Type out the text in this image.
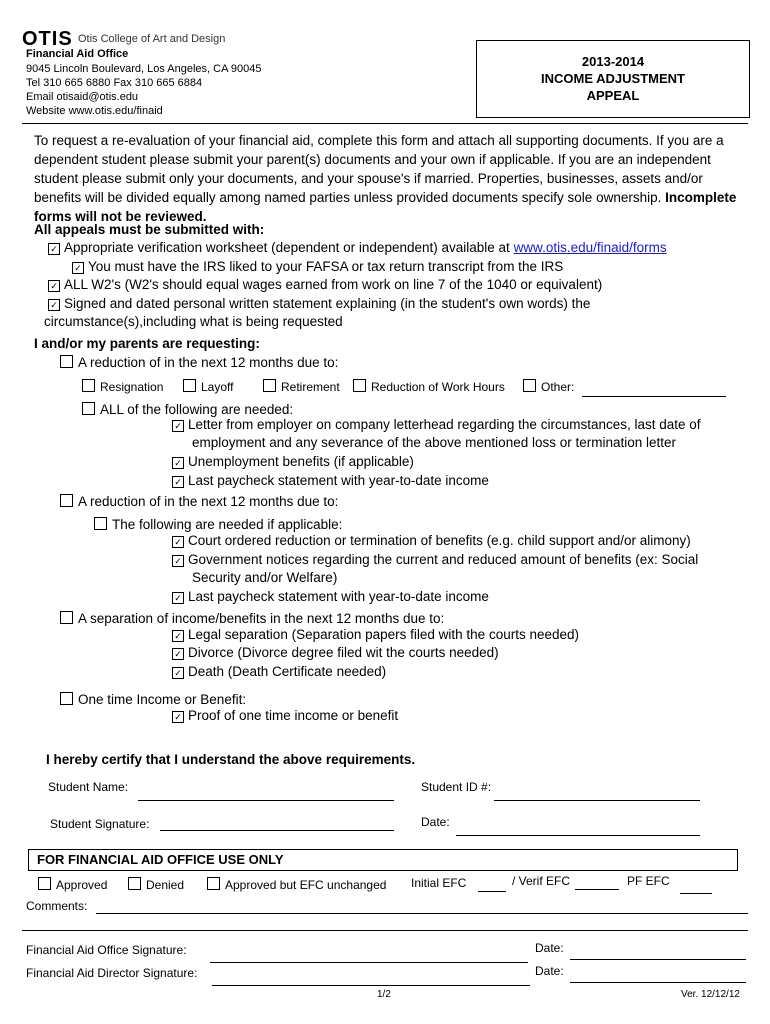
OTIS Otis College of Art and Design
Financial Aid Office
9045 Lincoln Boulevard, Los Angeles, CA 90045
Tel 310 665 6880 Fax 310 665 6884
Email otisaid@otis.edu
Website www.otis.edu/finaid
2013-2014
INCOME ADJUSTMENT
APPEAL
To request a re-evaluation of your financial aid, complete this form and attach all supporting documents. If you are a dependent student please submit your parent(s) documents and your own if applicable. If you are an independent student please submit only your documents, and your spouse's if married. Properties, businesses, assets and/or benefits will be divided equally among named parties unless provided documents specify sole ownership. Incomplete forms will not be reviewed.
All appeals must be submitted with:
✓ Appropriate verification worksheet (dependent or independent) available at www.otis.edu/finaid/forms
✓ You must have the IRS liked to your FAFSA or tax return transcript from the IRS
✓ ALL W2's (W2's should equal wages earned from work on line 7 of the 1040 or equivalent)
✓ Signed and dated personal written statement explaining (in the student's own words) the
circumstance(s),including what is being requested
I and/or my parents are requesting:
A reduction of in the next 12 months due to:
Resignation	Layoff	Retirement	Reduction of Work Hours	Other:
ALL of the following are needed:
✓ Letter from employer on company letterhead regarding the circumstances, last date of
employment and any severance of the above mentioned loss or termination letter
✓ Unemployment benefits (if applicable)
✓ Last paycheck statement with year-to-date income
A reduction of in the next 12 months due to:
The following are needed if applicable:
✓ Court ordered reduction or termination of benefits (e.g. child support and/or alimony)
✓ Government notices regarding the current and reduced amount of benefits (ex: Social
Security and/or Welfare)
✓ Last paycheck statement with year-to-date income
A separation of income/benefits in the next 12 months due to:
✓ Legal separation (Separation papers filed with the courts needed)
✓ Divorce (Divorce degree filed wit the courts needed)
✓ Death (Death Certificate needed)
One time Income or Benefit:
✓ Proof of one time income or benefit
I hereby certify that I understand the above requirements.
Student Name:	Student ID #:
Student Signature:	Date:
FOR FINANCIAL AID OFFICE USE ONLY
Approved	Denied	Approved but EFC unchanged Initial EFC	/ Verif EFC	PF EFC
Comments:
Financial Aid Office Signature:	Date:
Financial Aid Director Signature:	Date:
1/2	Ver. 12/12/12
